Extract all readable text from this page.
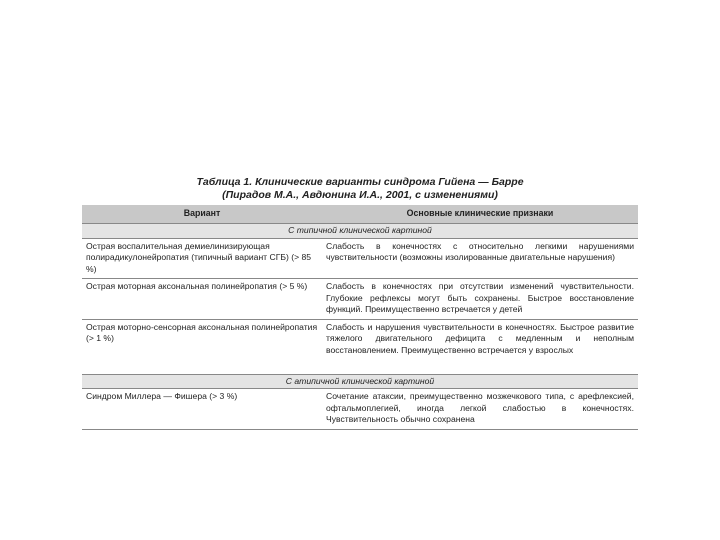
Таблица 1. Клинические варианты синдрома Гийена — Барре
(Пирадов М.А., Авдюнина И.А., 2001, с изменениями)
Вариант	Основные клинические признаки
С типичной клинической картиной	
Острая воспалительная демиелинизирующая полирадикулонейропатия (типичный вариант СГБ) (> 85 %)	Слабость в конечностях с относительно легкими нарушениями чувствительности (возможны изолированные двигательные нарушения)
Острая моторная аксональная полинейропатия (> 5 %)	Слабость в конечностях при отсутствии изменений чувствительности. Глубокие рефлексы могут быть сохранены. Быстрое восстановление функций. Преимущественно встречается у детей
Острая моторно-сенсорная аксональная полинейропатия (> 1 %)	Слабость и нарушения чувствительности в конечностях. Быстрое развитие тяжелого двигательного дефицита с медленным и неполным восстановлением. Преимущественно встречается у взрослых
С атипичной клинической картиной	
Синдром Миллера — Фишера (> 3 %)	Сочетание атаксии, преимущественно мозжечкового типа, с арефлексией, офтальмоплегией, иногда легкой слабостью в конечностях. Чувствительность обычно сохранена
